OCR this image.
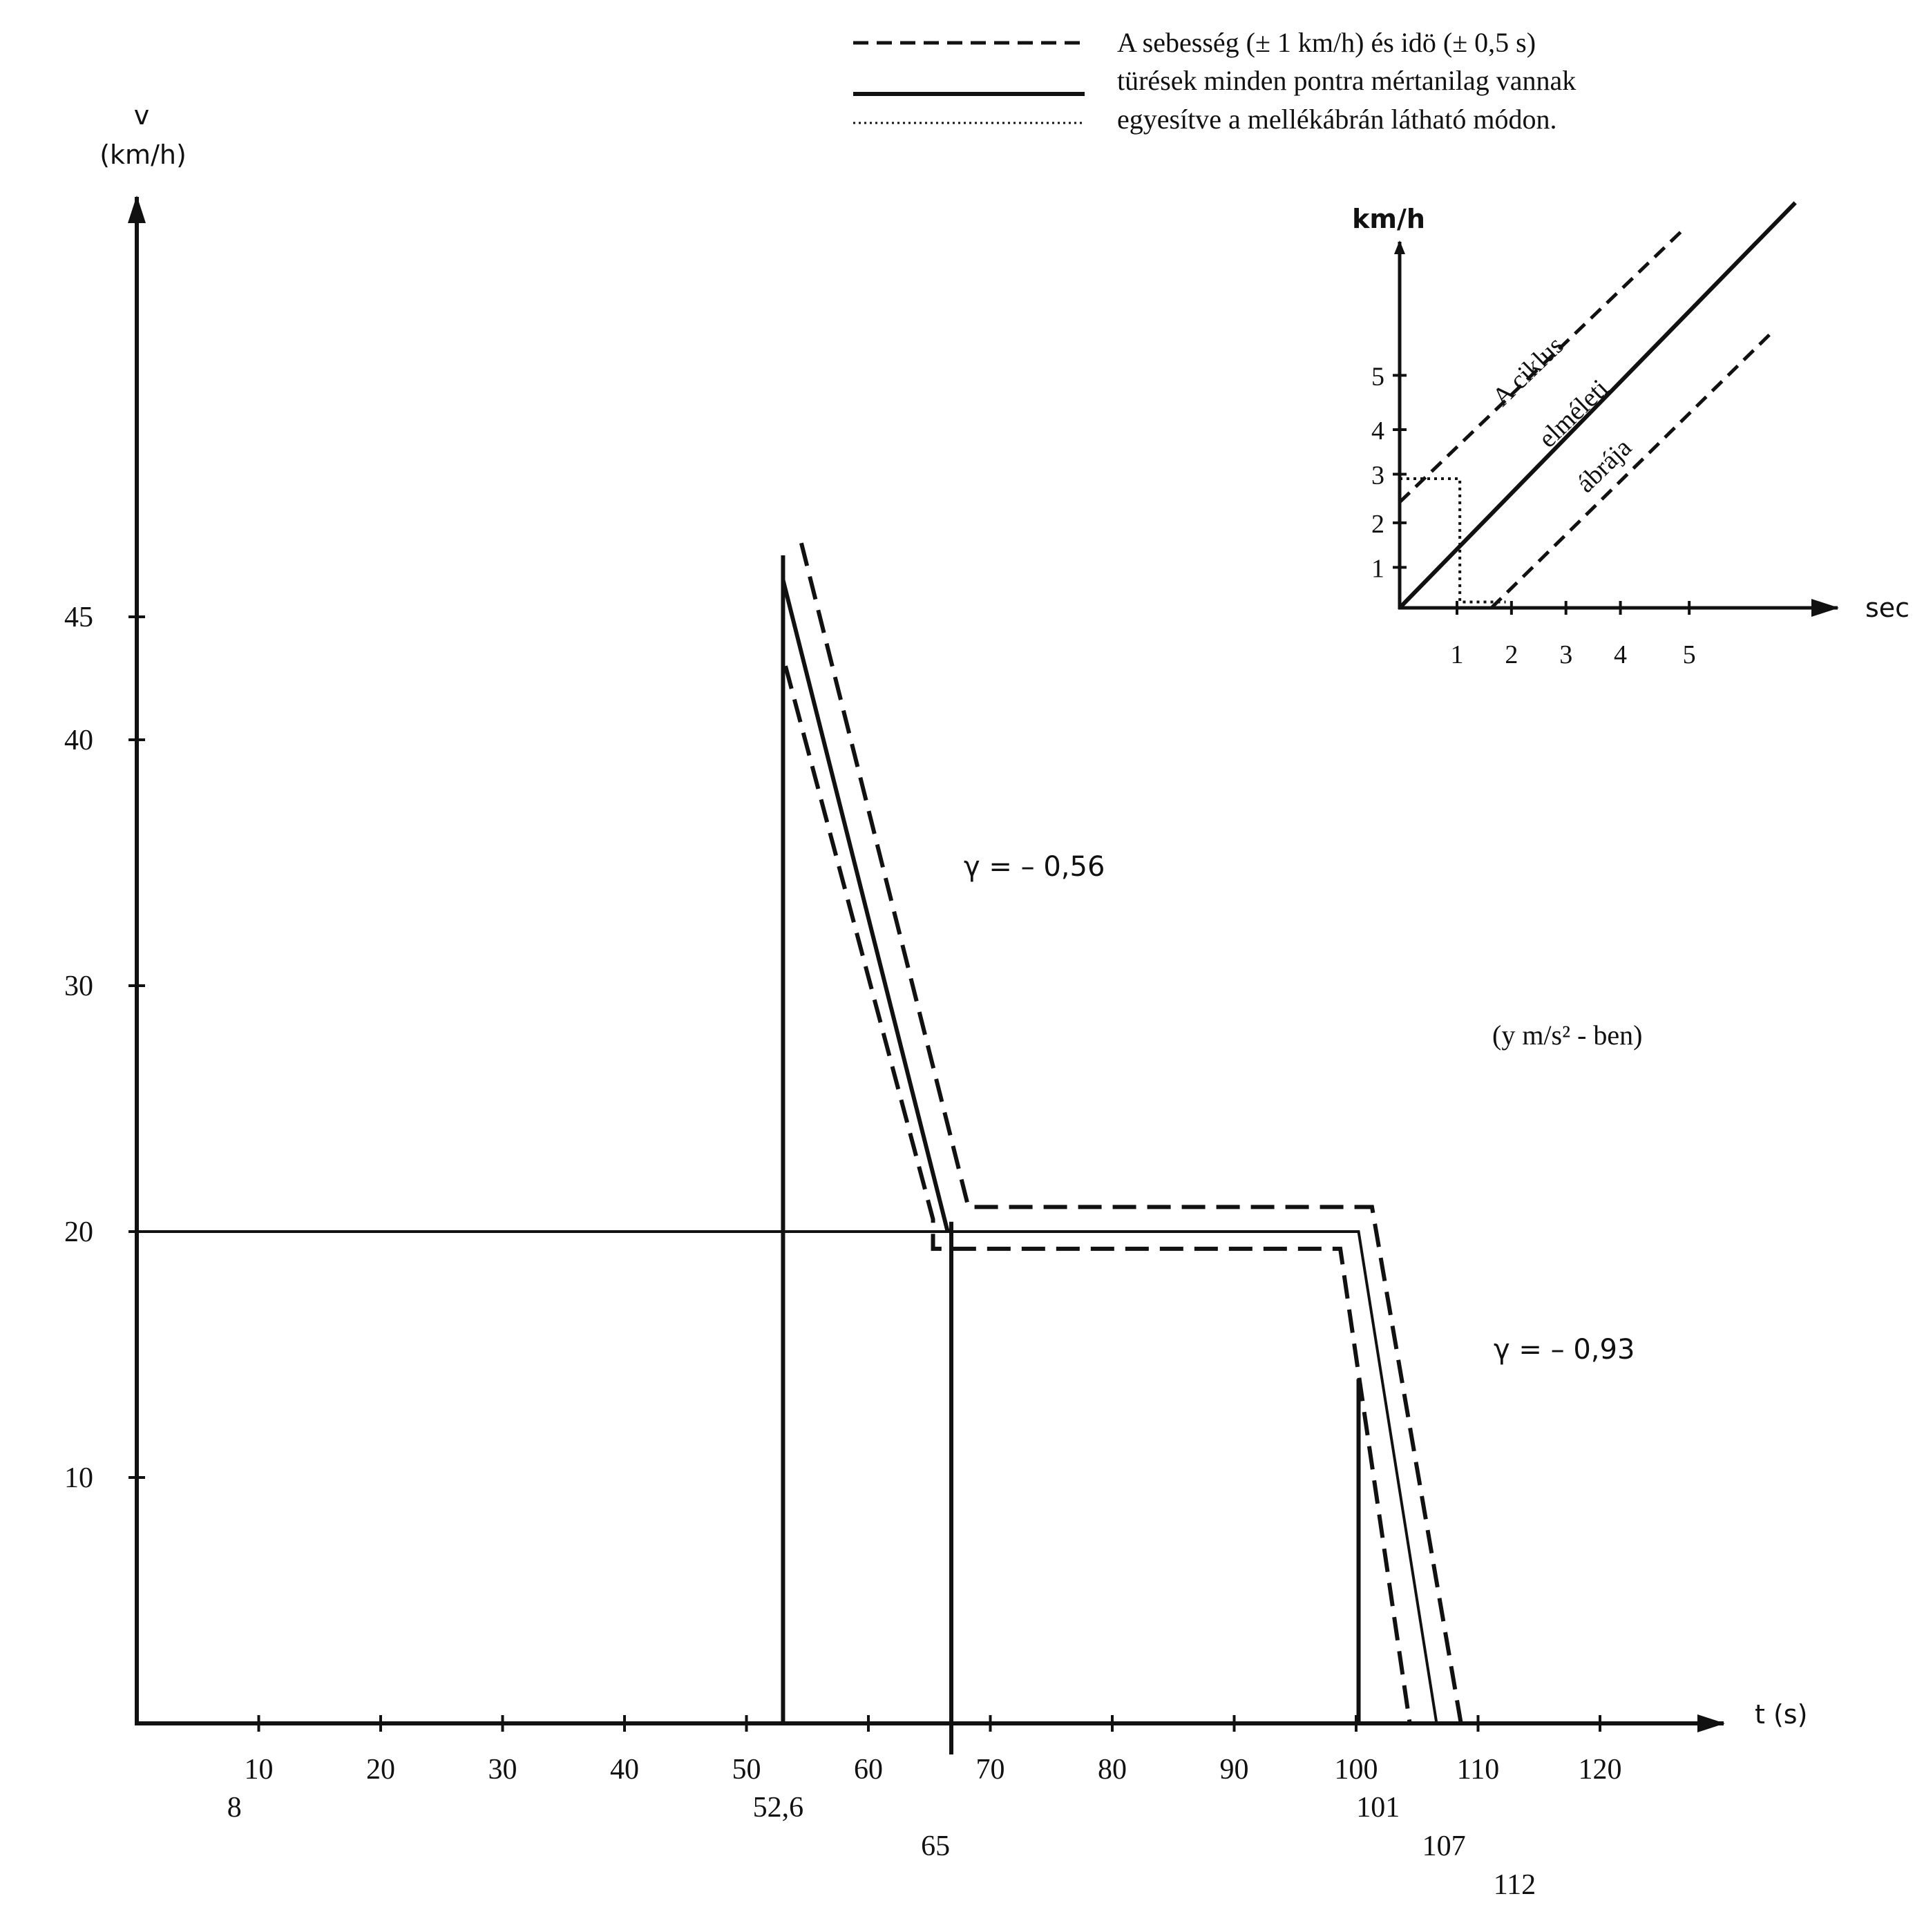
A sebesség (± 1 km/h) és idö (± 0,5 s)
türések minden pontra mértanilag vannak
egyesítve a mellékábrán látható módon.
v
(km/h)
t (s)
10	20	30	40	50	60	70	80	90	100	110	120
10
20
30
40
45
8	52,6
65
101
107
112
γ = – 0,56
(y m/s² - ben)
γ = – 0,93
km/h
sec
1 2 3 4 5
1
2
3
4
5	A ciklus
elméleti
ábrája
